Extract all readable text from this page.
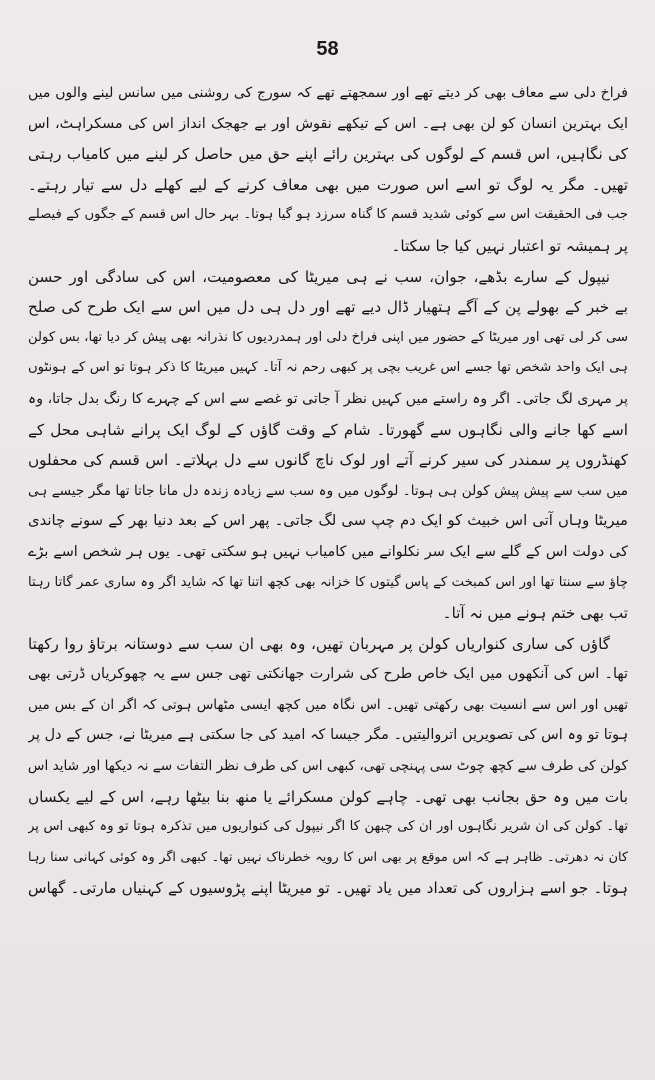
58
فراخ دلی سے معاف بھی کر دیتے تھے اور سمجھتے تھے کہ سورج کی روشنی میں سانس لینے والوں میں
ایک بہترین انسان کو لن بھی ہے۔ اس کے تیکھے نقوش اور بے جھجک انداز اس کی مسکراہٹ، اس
کی نگاہیں، اس قسم کے لوگوں کی بہترین رائے اپنے حق میں حاصل کر لینے میں کامیاب رہتی
تھیں۔ مگر یہ لوگ تو اسے اس صورت میں بھی معاف کرنے کے لیے کھلے دل سے تیار رہتے۔
جب فی الحقیقت اس سے کوئی شدید قسم کا گناہ سرزد ہو گیا ہوتا۔ بہر حال اس قسم کے جگوں کے فیصلے
پر ہمیشہ تو اعتبار نہیں کیا جا سکتا۔
نیپول کے سارے بڈھے، جوان، سب نے ہی میریٹا کی معصومیت، اس کی سادگی اور حسن
بے خبر کے بھولے پن کے آگے ہتھیار ڈال دیے تھے اور دل ہی دل میں اس سے ایک طرح کی صلح
سی کر لی تھی اور میریٹا کے حضور میں اپنی فراخ دلی اور ہمدردیوں کا نذرانہ بھی پیش کر دیا تھا، بس کولن
ہی ایک واحد شخص تھا جسے اس غریب بچی پر کبھی رحم نہ آتا۔ کہیں میریٹا کا ذکر ہوتا تو اس کے ہونٹوں
پر مہری لگ جاتی۔ اگر وہ راستے میں کہیں نظر آ جاتی تو غصے سے اس کے چہرے کا رنگ بدل جاتا، وہ
اسے کھا جانے والی نگاہوں سے گھورتا۔ شام کے وقت گاؤں کے لوگ ایک پرانے شاہی محل کے
کھنڈروں پر سمندر کی سیر کرنے آتے اور لوک ناچ گانوں سے دل بہلاتے۔ اس قسم کی محفلوں
میں سب سے پیش پیش کولن ہی ہوتا۔ لوگوں میں وہ سب سے زیادہ زندہ دل مانا جاتا تھا مگر جیسے ہی
میریٹا وہاں آتی اس خبیث کو ایک دم چپ سی لگ جاتی۔ پھر اس کے بعد دنیا بھر کے سونے چاندی
کی دولت اس کے گلے سے ایک سر نکلوانے میں کامیاب نہیں ہو سکتی تھی۔ یوں ہر شخص اسے بڑے
چاؤ سے سنتا تھا اور اس کمبخت کے پاس گیتوں کا خزانہ بھی کچھ اتنا تھا کہ شاید اگر وہ ساری عمر گاتا رہتا
تب بھی ختم ہونے میں نہ آتا۔
گاؤں کی ساری کنواریاں کولن پر مہربان تھیں، وہ بھی ان سب سے دوستانہ برتاؤ روا رکھتا
تھا۔ اس کی آنکھوں میں ایک خاص طرح کی شرارت جھانکتی تھی جس سے یہ چھوکریاں ڈرتی بھی
تھیں اور اس سے انسیت بھی رکھتی تھیں۔ اس نگاہ میں کچھ ایسی مٹھاس ہوتی کہ اگر ان کے بس میں
ہوتا تو وہ اس کی تصویریں اتروالیتیں۔ مگر جیسا کہ امید کی جا سکتی ہے میریٹا نے، جس کے دل پر
کولن کی طرف سے کچھ چوٹ سی پہنچی تھی، کبھی اس کی طرف نظر التفات سے نہ دیکھا اور شاید اس
بات میں وہ حق بجانب بھی تھی۔ چاہے کولن مسکرائے یا منھ بنا بیٹھا رہے، اس کے لیے یکساں
تھا۔ کولن کی ان شریر نگاہوں اور ان کی چبھن کا اگر نیپول کی کنواریوں میں تذکرہ ہوتا تو وہ کبھی اس پر
کان نہ دھرتی۔ ظاہر ہے کہ اس موقع پر بھی اس کا رویہ خطرناک نہیں تھا۔ کبھی اگر وہ کوئی کہانی سنا رہا
ہوتا۔ جو اسے ہزاروں کی تعداد میں یاد تھیں۔ تو میریٹا اپنے پڑوسیوں کے کہنیاں مارتی۔ گھاس
